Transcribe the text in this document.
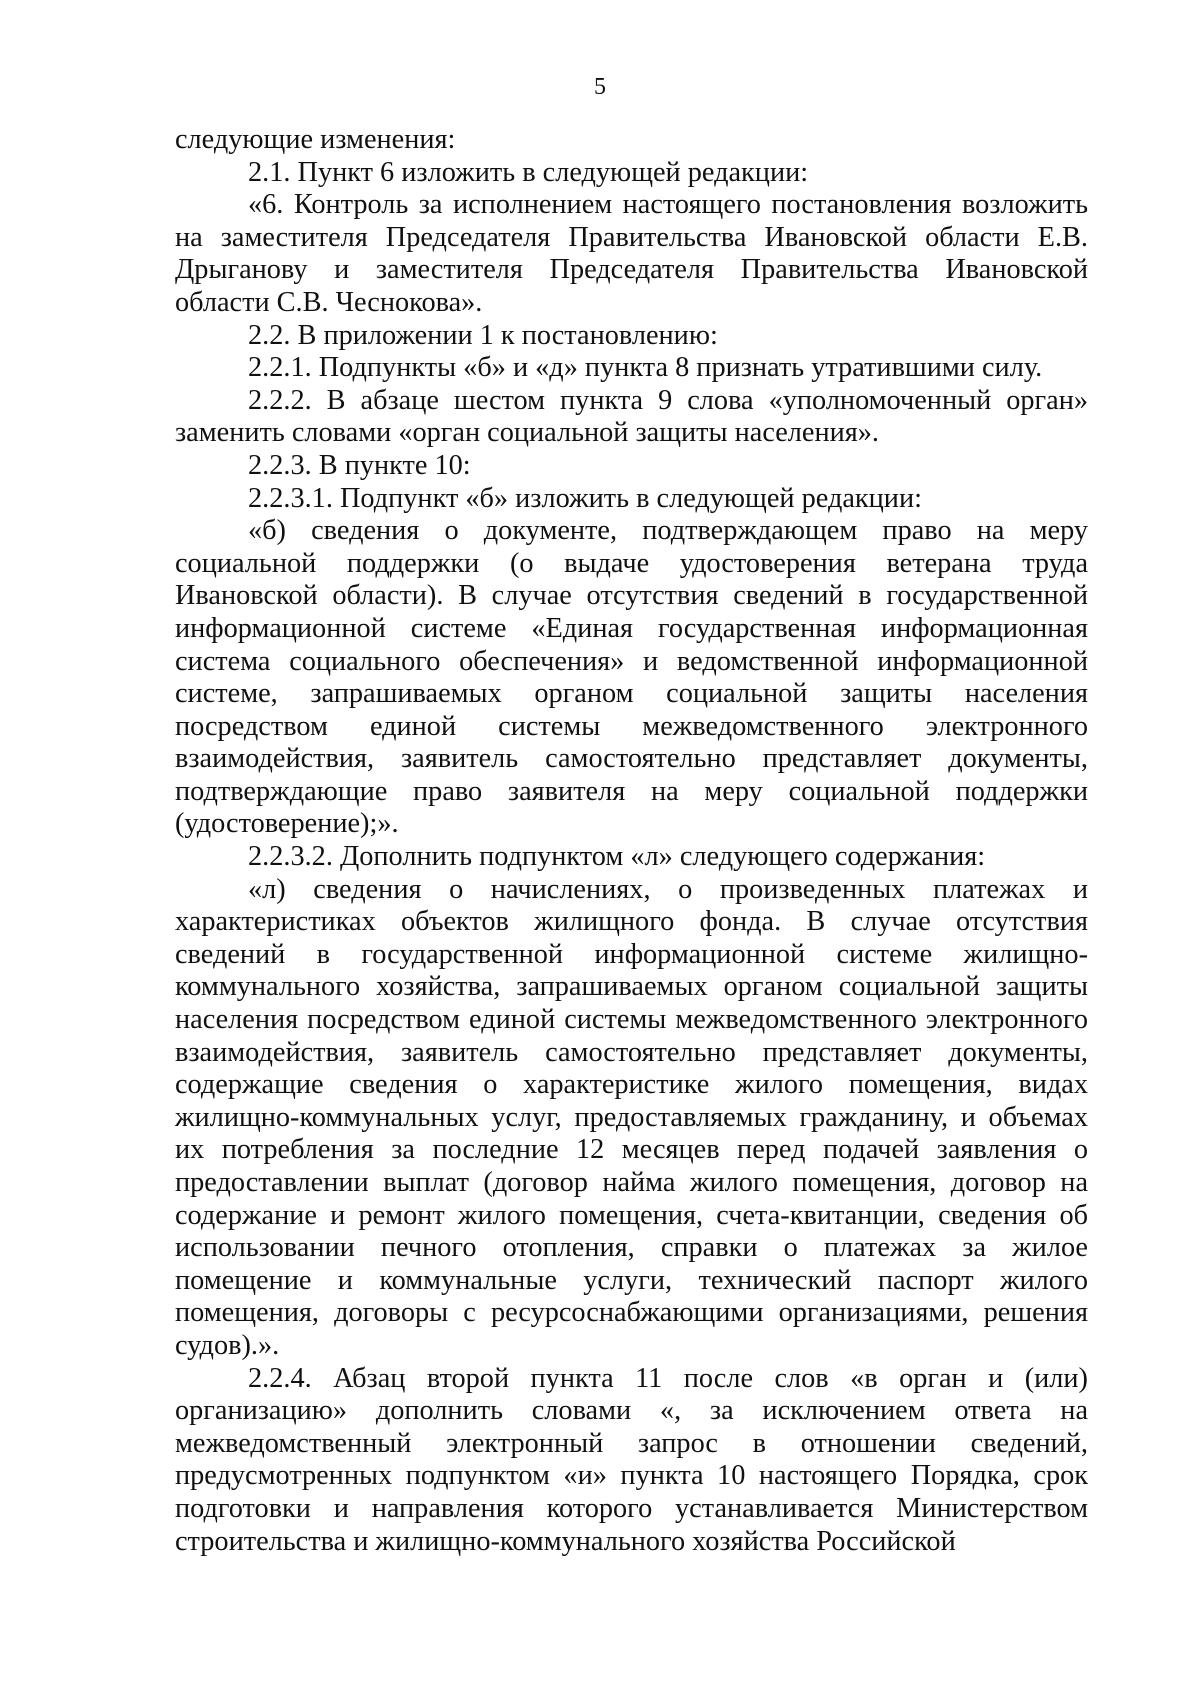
5

следующие изменения:

2.1. Пункт 6 изложить в следующей редакции:

«6. Контроль за исполнением настоящего постановления возложить на заместителя Председателя Правительства Ивановской области Е.В. Дрыганову и заместителя Председателя Правительства Ивановской области С.В. Чеснокова».

2.2. В приложении 1 к постановлению:

2.2.1. Подпункты «б» и «д» пункта 8 признать утратившими силу.

2.2.2. В абзаце шестом пункта 9 слова «уполномоченный орган» заменить словами «орган социальной защиты населения».

2.2.3. В пункте 10:

2.2.3.1. Подпункт «б» изложить в следующей редакции:

«б) сведения о документе, подтверждающем право на меру социальной поддержки (о выдаче удостоверения ветерана труда Ивановской области). В случае отсутствия сведений в государственной информационной системе «Единая государственная информационная система социального обеспечения» и ведомственной информационной системе, запрашиваемых органом социальной защиты населения посредством единой системы межведомственного электронного взаимодействия, заявитель самостоятельно представляет документы, подтверждающие право заявителя на меру социальной поддержки (удостоверение);».

2.2.3.2. Дополнить подпунктом «л» следующего содержания:

«л) сведения о начислениях, о произведенных платежах и характеристиках объектов жилищного фонда. В случае отсутствия сведений в государственной информационной системе жилищно-коммунального хозяйства, запрашиваемых органом социальной защиты населения посредством единой системы межведомственного электронного взаимодействия, заявитель самостоятельно представляет документы, содержащие сведения о характеристике жилого помещения, видах жилищно-коммунальных услуг, предоставляемых гражданину, и объемах их потребления за последние 12 месяцев перед подачей заявления о предоставлении выплат (договор найма жилого помещения, договор на содержание и ремонт жилого помещения, счета-квитанции, сведения об использовании печного отопления, справки о платежах за жилое помещение и коммунальные услуги, технический паспорт жилого помещения, договоры с ресурсоснабжающими организациями, решения судов).».

2.2.4. Абзац второй пункта 11 после слов «в орган и (или) организацию» дополнить словами «, за исключением ответа на межведомственный электронный запрос в отношении сведений, предусмотренных подпунктом «и» пункта 10 настоящего Порядка, срок подготовки и направления которого устанавливается Министерством строительства и жилищно-коммунального хозяйства Российской
